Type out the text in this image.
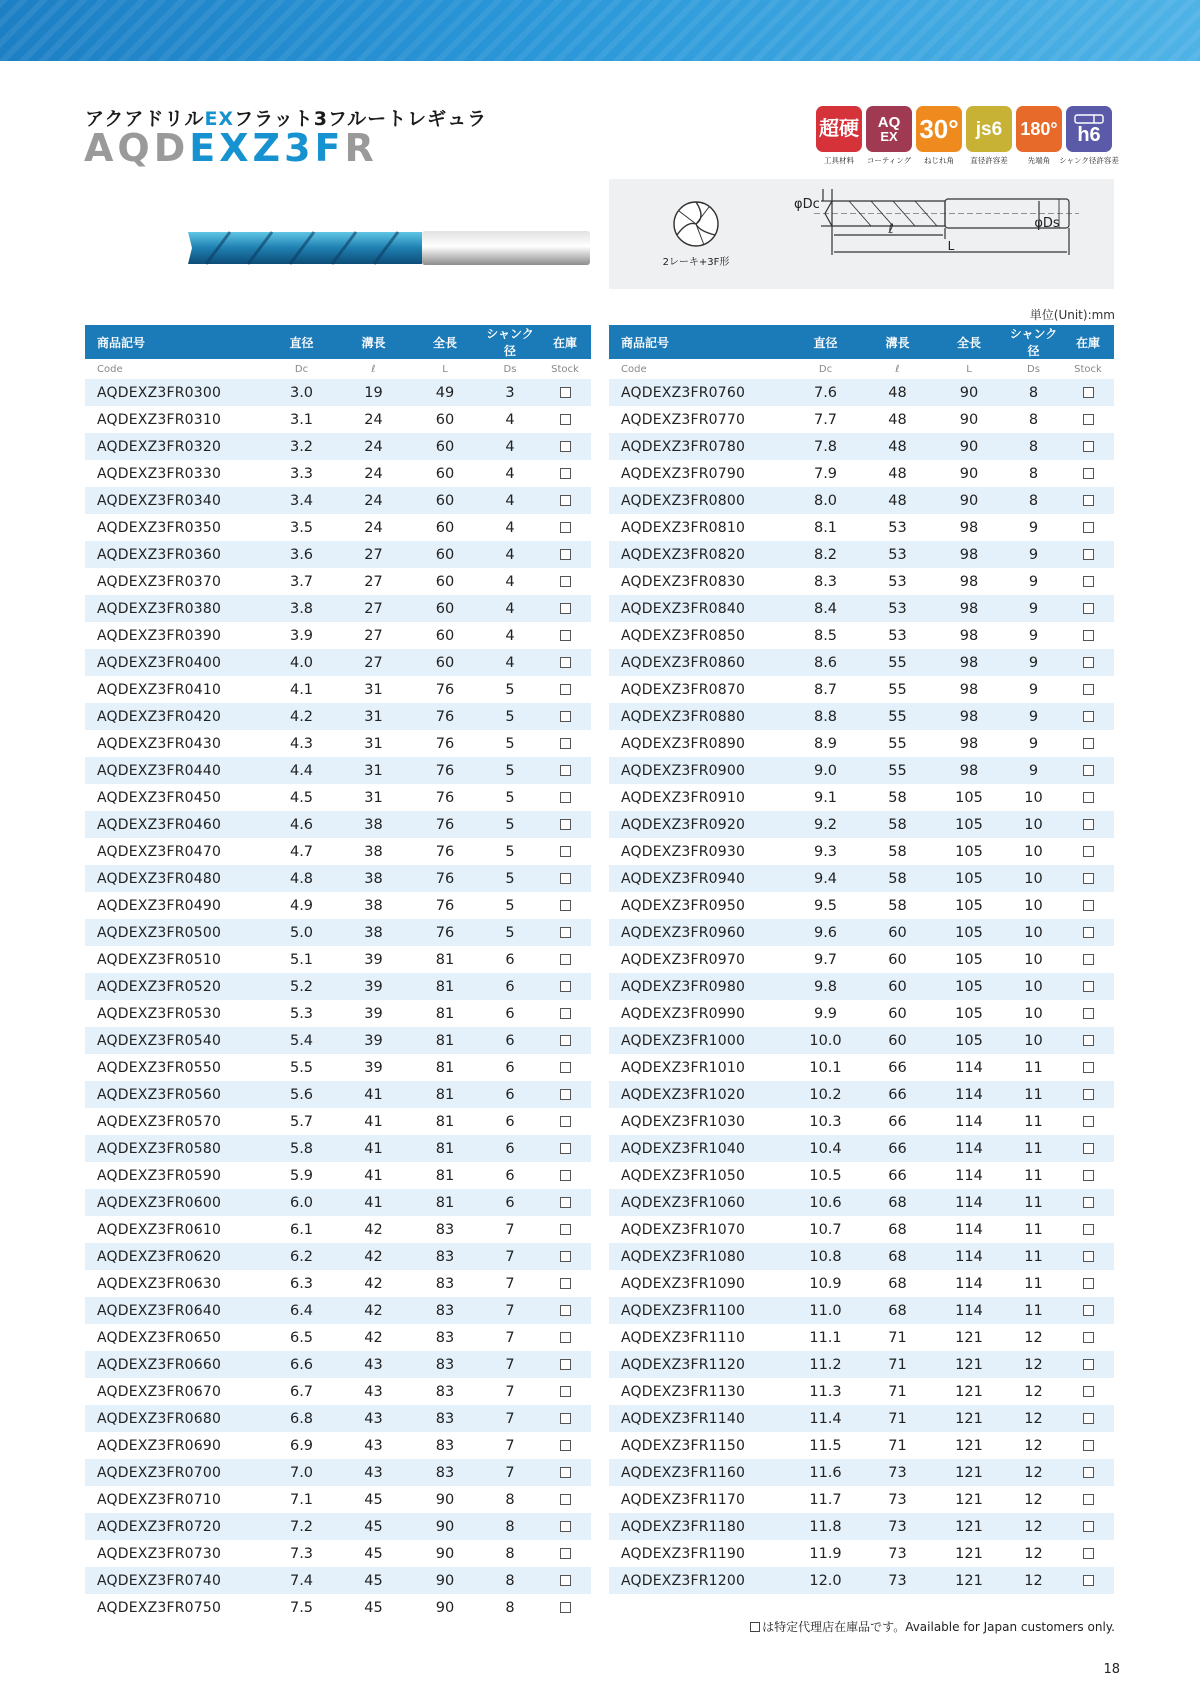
アクアドリルEXフラット3フルートレギュラ
AQDEXZ3FR	超硬
工具材料
AQ
EX
コーティング
30°
ねじれ角
js6
直径許容差
180°
先端角
h6
シャンク径許容差
2レーキ+3F形
φDc
φDs
ℓ
L
単位(Unit):mm
商品記号	直径	溝長	全長	シャンク径	在庫
Code	Dc	ℓ	L	Ds	Stock
AQDEXZ3FR0300	3.0	19	49	3	
AQDEXZ3FR0310	3.1	24	60	4	
AQDEXZ3FR0320	3.2	24	60	4	
AQDEXZ3FR0330	3.3	24	60	4	
AQDEXZ3FR0340	3.4	24	60	4	
AQDEXZ3FR0350	3.5	24	60	4	
AQDEXZ3FR0360	3.6	27	60	4	
AQDEXZ3FR0370	3.7	27	60	4	
AQDEXZ3FR0380	3.8	27	60	4	
AQDEXZ3FR0390	3.9	27	60	4	
AQDEXZ3FR0400	4.0	27	60	4	
AQDEXZ3FR0410	4.1	31	76	5	
AQDEXZ3FR0420	4.2	31	76	5	
AQDEXZ3FR0430	4.3	31	76	5	
AQDEXZ3FR0440	4.4	31	76	5	
AQDEXZ3FR0450	4.5	31	76	5	
AQDEXZ3FR0460	4.6	38	76	5	
AQDEXZ3FR0470	4.7	38	76	5	
AQDEXZ3FR0480	4.8	38	76	5	
AQDEXZ3FR0490	4.9	38	76	5	
AQDEXZ3FR0500	5.0	38	76	5	
AQDEXZ3FR0510	5.1	39	81	6	
AQDEXZ3FR0520	5.2	39	81	6	
AQDEXZ3FR0530	5.3	39	81	6	
AQDEXZ3FR0540	5.4	39	81	6	
AQDEXZ3FR0550	5.5	39	81	6	
AQDEXZ3FR0560	5.6	41	81	6	
AQDEXZ3FR0570	5.7	41	81	6	
AQDEXZ3FR0580	5.8	41	81	6	
AQDEXZ3FR0590	5.9	41	81	6	
AQDEXZ3FR0600	6.0	41	81	6	
AQDEXZ3FR0610	6.1	42	83	7	
AQDEXZ3FR0620	6.2	42	83	7	
AQDEXZ3FR0630	6.3	42	83	7	
AQDEXZ3FR0640	6.4	42	83	7	
AQDEXZ3FR0650	6.5	42	83	7	
AQDEXZ3FR0660	6.6	43	83	7	
AQDEXZ3FR0670	6.7	43	83	7	
AQDEXZ3FR0680	6.8	43	83	7	
AQDEXZ3FR0690	6.9	43	83	7	
AQDEXZ3FR0700	7.0	43	83	7	
AQDEXZ3FR0710	7.1	45	90	8	
AQDEXZ3FR0720	7.2	45	90	8	
AQDEXZ3FR0730	7.3	45	90	8	
AQDEXZ3FR0740	7.4	45	90	8	
AQDEXZ3FR0750	7.5	45	90	8	
商品記号	直径	溝長	全長	シャンク径	在庫
Code	Dc	ℓ	L	Ds	Stock
AQDEXZ3FR0760	7.6	48	90	8	
AQDEXZ3FR0770	7.7	48	90	8	
AQDEXZ3FR0780	7.8	48	90	8	
AQDEXZ3FR0790	7.9	48	90	8	
AQDEXZ3FR0800	8.0	48	90	8	
AQDEXZ3FR0810	8.1	53	98	9	
AQDEXZ3FR0820	8.2	53	98	9	
AQDEXZ3FR0830	8.3	53	98	9	
AQDEXZ3FR0840	8.4	53	98	9	
AQDEXZ3FR0850	8.5	53	98	9	
AQDEXZ3FR0860	8.6	55	98	9	
AQDEXZ3FR0870	8.7	55	98	9	
AQDEXZ3FR0880	8.8	55	98	9	
AQDEXZ3FR0890	8.9	55	98	9	
AQDEXZ3FR0900	9.0	55	98	9	
AQDEXZ3FR0910	9.1	58	105	10	
AQDEXZ3FR0920	9.2	58	105	10	
AQDEXZ3FR0930	9.3	58	105	10	
AQDEXZ3FR0940	9.4	58	105	10	
AQDEXZ3FR0950	9.5	58	105	10	
AQDEXZ3FR0960	9.6	60	105	10	
AQDEXZ3FR0970	9.7	60	105	10	
AQDEXZ3FR0980	9.8	60	105	10	
AQDEXZ3FR0990	9.9	60	105	10	
AQDEXZ3FR1000	10.0	60	105	10	
AQDEXZ3FR1010	10.1	66	114	11	
AQDEXZ3FR1020	10.2	66	114	11	
AQDEXZ3FR1030	10.3	66	114	11	
AQDEXZ3FR1040	10.4	66	114	11	
AQDEXZ3FR1050	10.5	66	114	11	
AQDEXZ3FR1060	10.6	68	114	11	
AQDEXZ3FR1070	10.7	68	114	11	
AQDEXZ3FR1080	10.8	68	114	11	
AQDEXZ3FR1090	10.9	68	114	11	
AQDEXZ3FR1100	11.0	68	114	11	
AQDEXZ3FR1110	11.1	71	121	12	
AQDEXZ3FR1120	11.2	71	121	12	
AQDEXZ3FR1130	11.3	71	121	12	
AQDEXZ3FR1140	11.4	71	121	12	
AQDEXZ3FR1150	11.5	71	121	12	
AQDEXZ3FR1160	11.6	73	121	12	
AQDEXZ3FR1170	11.7	73	121	12	
AQDEXZ3FR1180	11.8	73	121	12	
AQDEXZ3FR1190	11.9	73	121	12	
AQDEXZ3FR1200	12.0	73	121	12	
は特定代理店在庫品です。Available for Japan customers only.
18
